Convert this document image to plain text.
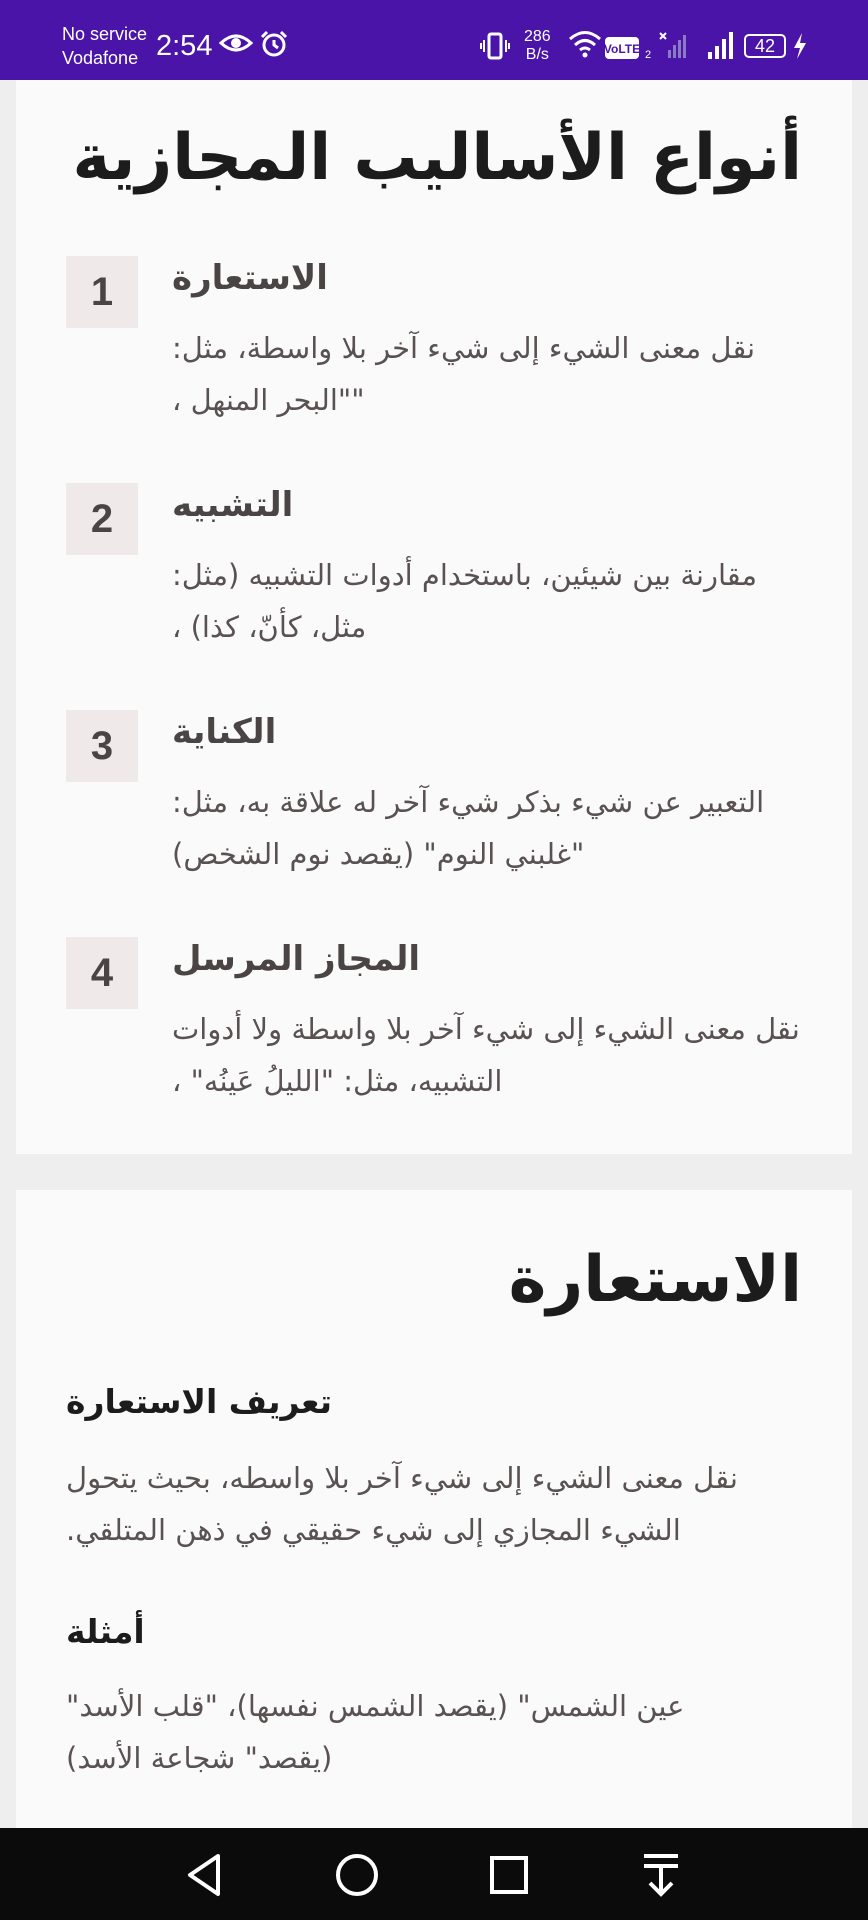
No service
Vodafone 2:54	286
B/s	VoLTE 2	42
أنواع الأساليب المجازية
1	الاستعارة
نقل معنى الشيء إلى شيء آخر بلا واسطة، مثل: ""البحر المنهل ،
2	التشبيه
مقارنة بين شيئين، باستخدام أدوات التشبيه (مثل: مثل، كأنّ، كذا) ،
3	الكناية
التعبير عن شيء بذكر شيء آخر له علاقة به، مثل: "غلبني النوم" (يقصد نوم الشخص)
4	المجاز المرسل
نقل معنى الشيء إلى شيء آخر بلا واسطة ولا أدوات التشبيه، مثل: "الليلُ عَينُه" ،
الاستعارة
تعريف الاستعارة
نقل معنى الشيء إلى شيء آخر بلا واسطه، بحيث يتحول الشيء المجازي إلى شيء حقيقي في ذهن المتلقي.
أمثلة
عين الشمس" (يقصد الشمس نفسها)، "قلب الأسد" (يقصد" شجاعة الأسد)
